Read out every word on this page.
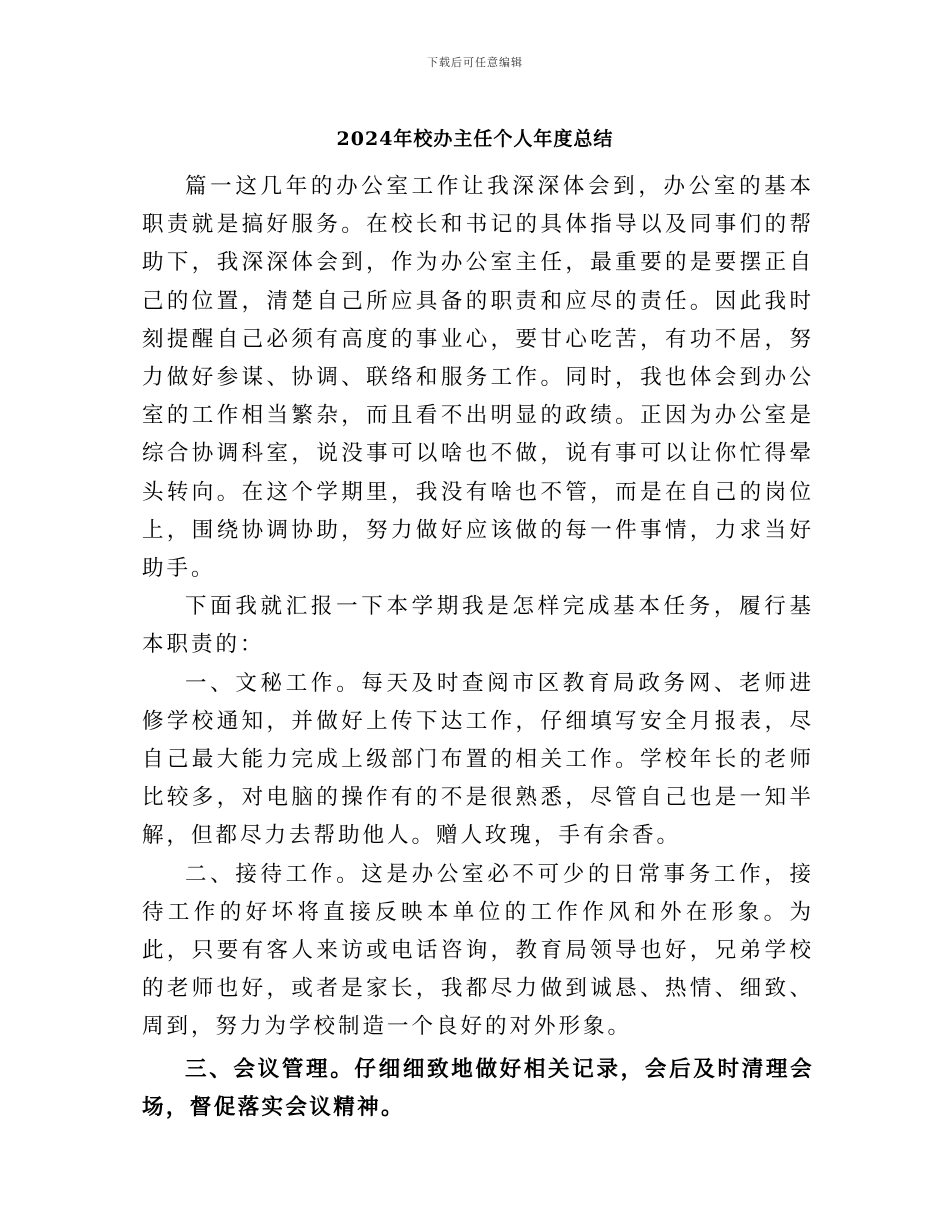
下载后可任意编辑
2024年校办主任个人年度总结

篇一这几年的办公室工作让我深深体会到，办公室的基本职责就是搞好服务。在校长和书记的具体指导以及同事们的帮助下，我深深体会到，作为办公室主任，最重要的是要摆正自己的位置，清楚自己所应具备的职责和应尽的责任。因此我时刻提醒自己必须有高度的事业心，要甘心吃苦，有功不居，努力做好参谋、协调、联络和服务工作。同时，我也体会到办公室的工作相当繁杂，而且看不出明显的政绩。正因为办公室是综合协调科室，说没事可以啥也不做，说有事可以让你忙得晕头转向。在这个学期里，我没有啥也不管，而是在自己的岗位上，围绕协调协助，努力做好应该做的每一件事情，力求当好助手。

下面我就汇报一下本学期我是怎样完成基本任务，履行基本职责的：

一、文秘工作。每天及时查阅市区教育局政务网、老师进修学校通知，并做好上传下达工作，仔细填写安全月报表，尽自己最大能力完成上级部门布置的相关工作。学校年长的老师比较多，对电脑的操作有的不是很熟悉，尽管自己也是一知半解，但都尽力去帮助他人。赠人玫瑰，手有余香。

二、接待工作。这是办公室必不可少的日常事务工作，接待工作的好坏将直接反映本单位的工作作风和外在形象。为此，只要有客人来访或电话咨询，教育局领导也好，兄弟学校的老师也好，或者是家长，我都尽力做到诚恳、热情、细致、周到，努力为学校制造一个良好的对外形象。

三、会议管理。仔细细致地做好相关记录，会后及时清理会场，督促落实会议精神。
